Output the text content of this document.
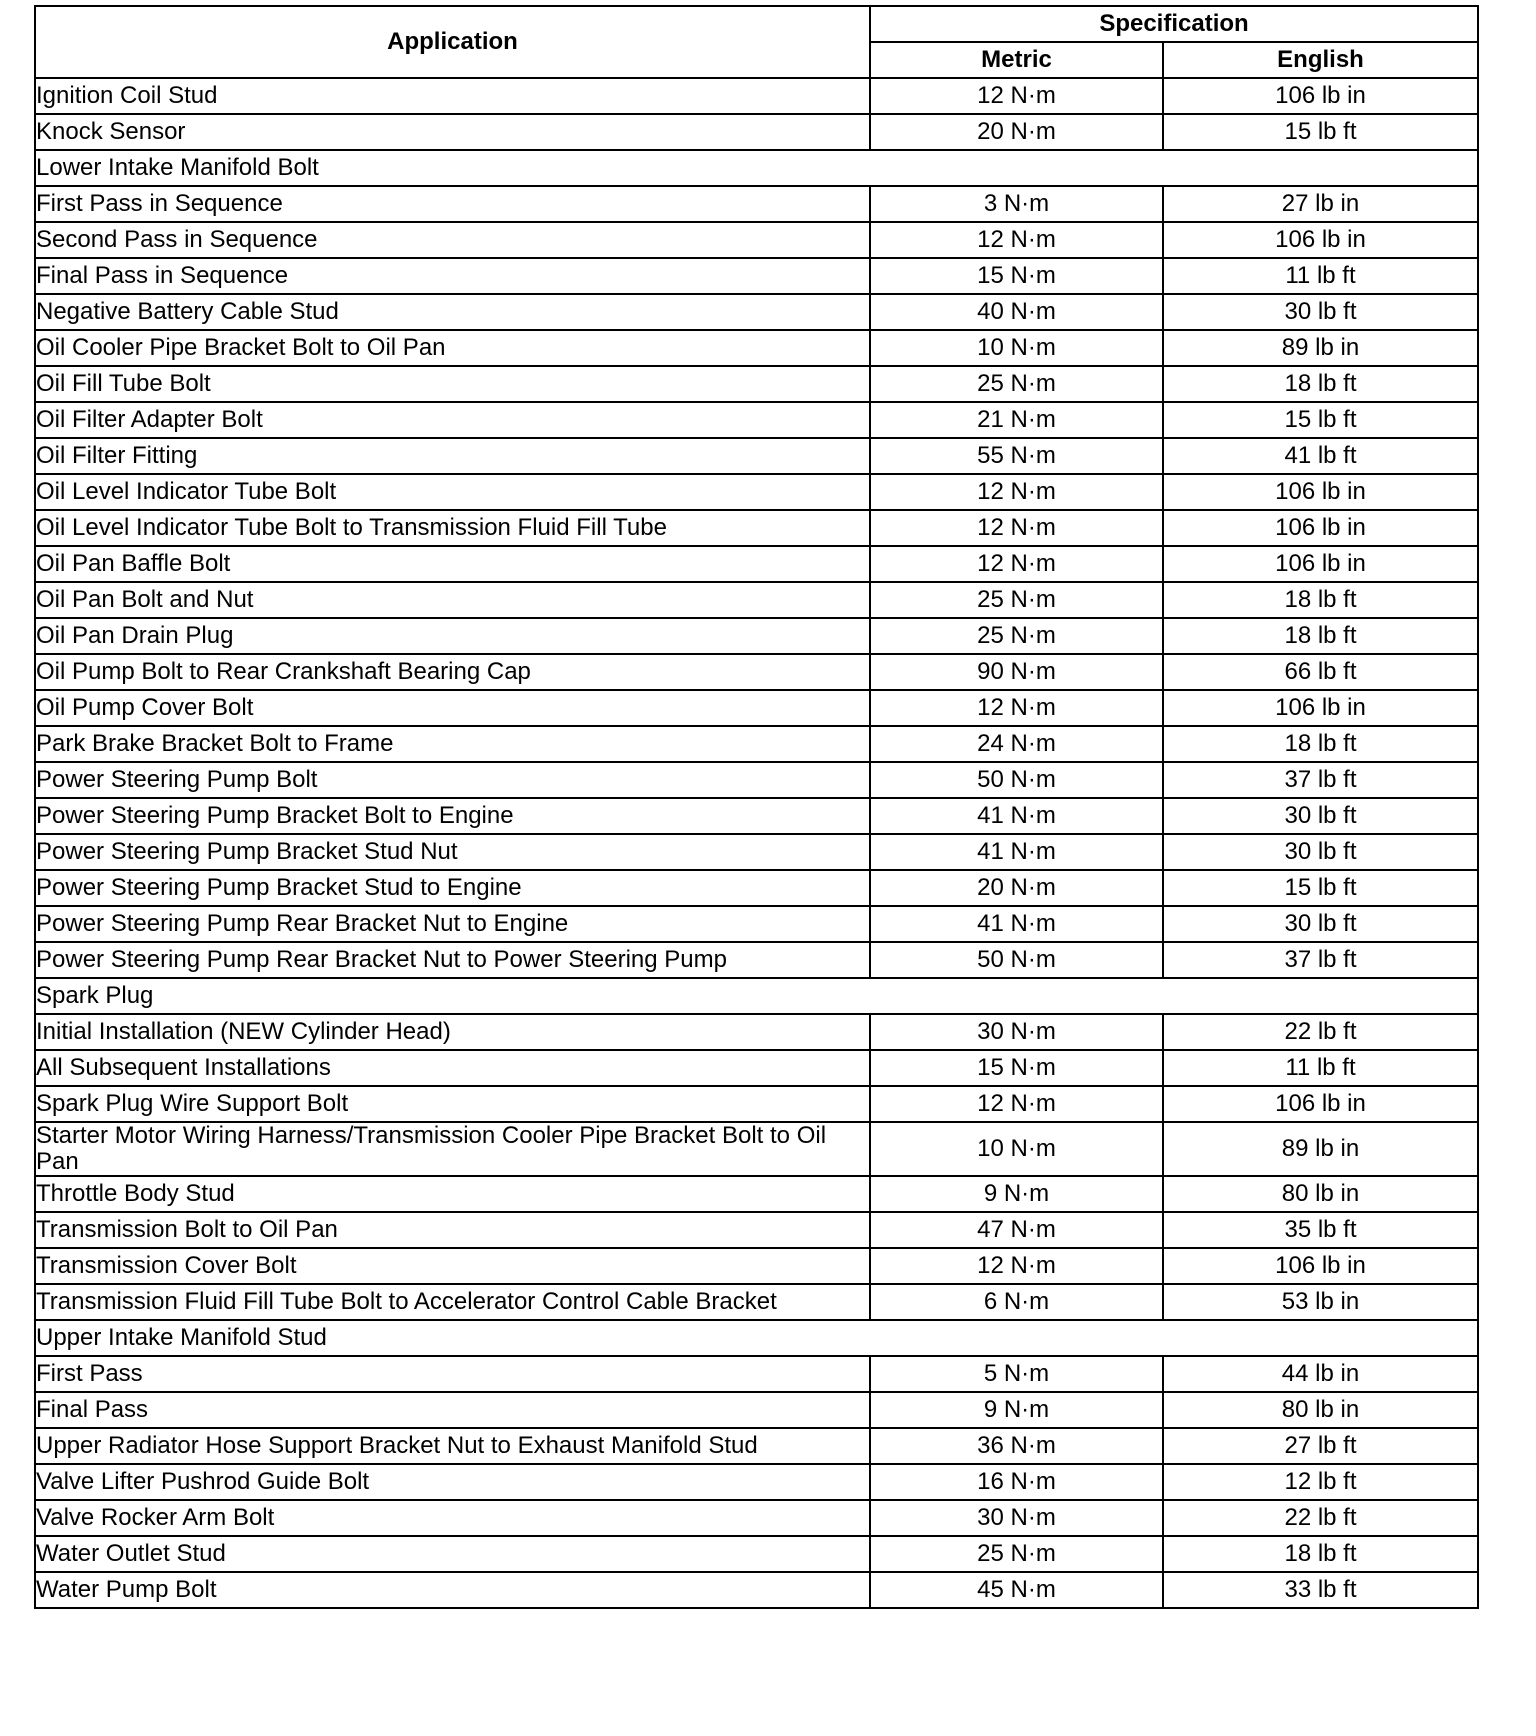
Application	Specification	
	Metric	English
Ignition Coil Stud	12 N·m	106 lb in
Knock Sensor	20 N·m	15 lb ft
Lower Intake Manifold Bolt		
First Pass in Sequence	3 N·m	27 lb in
Second Pass in Sequence	12 N·m	106 lb in
Final Pass in Sequence	15 N·m	11 lb ft
Negative Battery Cable Stud	40 N·m	30 lb ft
Oil Cooler Pipe Bracket Bolt to Oil Pan	10 N·m	89 lb in
Oil Fill Tube Bolt	25 N·m	18 lb ft
Oil Filter Adapter Bolt	21 N·m	15 lb ft
Oil Filter Fitting	55 N·m	41 lb ft
Oil Level Indicator Tube Bolt	12 N·m	106 lb in
Oil Level Indicator Tube Bolt to Transmission Fluid Fill Tube	12 N·m	106 lb in
Oil Pan Baffle Bolt	12 N·m	106 lb in
Oil Pan Bolt and Nut	25 N·m	18 lb ft
Oil Pan Drain Plug	25 N·m	18 lb ft
Oil Pump Bolt to Rear Crankshaft Bearing Cap	90 N·m	66 lb ft
Oil Pump Cover Bolt	12 N·m	106 lb in
Park Brake Bracket Bolt to Frame	24 N·m	18 lb ft
Power Steering Pump Bolt	50 N·m	37 lb ft
Power Steering Pump Bracket Bolt to Engine	41 N·m	30 lb ft
Power Steering Pump Bracket Stud Nut	41 N·m	30 lb ft
Power Steering Pump Bracket Stud to Engine	20 N·m	15 lb ft
Power Steering Pump Rear Bracket Nut to Engine	41 N·m	30 lb ft
Power Steering Pump Rear Bracket Nut to Power Steering Pump	50 N·m	37 lb ft
Spark Plug		
Initial Installation (NEW Cylinder Head)	30 N·m	22 lb ft
All Subsequent Installations	15 N·m	11 lb ft
Spark Plug Wire Support Bolt	12 N·m	106 lb in
Starter Motor Wiring Harness/Transmission Cooler Pipe Bracket Bolt to Oil Pan	10 N·m	89 lb in
Throttle Body Stud	9 N·m	80 lb in
Transmission Bolt to Oil Pan	47 N·m	35 lb ft
Transmission Cover Bolt	12 N·m	106 lb in
Transmission Fluid Fill Tube Bolt to Accelerator Control Cable Bracket	6 N·m	53 lb in
Upper Intake Manifold Stud		
First Pass	5 N·m	44 lb in
Final Pass	9 N·m	80 lb in
Upper Radiator Hose Support Bracket Nut to Exhaust Manifold Stud	36 N·m	27 lb ft
Valve Lifter Pushrod Guide Bolt	16 N·m	12 lb ft
Valve Rocker Arm Bolt	30 N·m	22 lb ft
Water Outlet Stud	25 N·m	18 lb ft
Water Pump Bolt	45 N·m	33 lb ft
